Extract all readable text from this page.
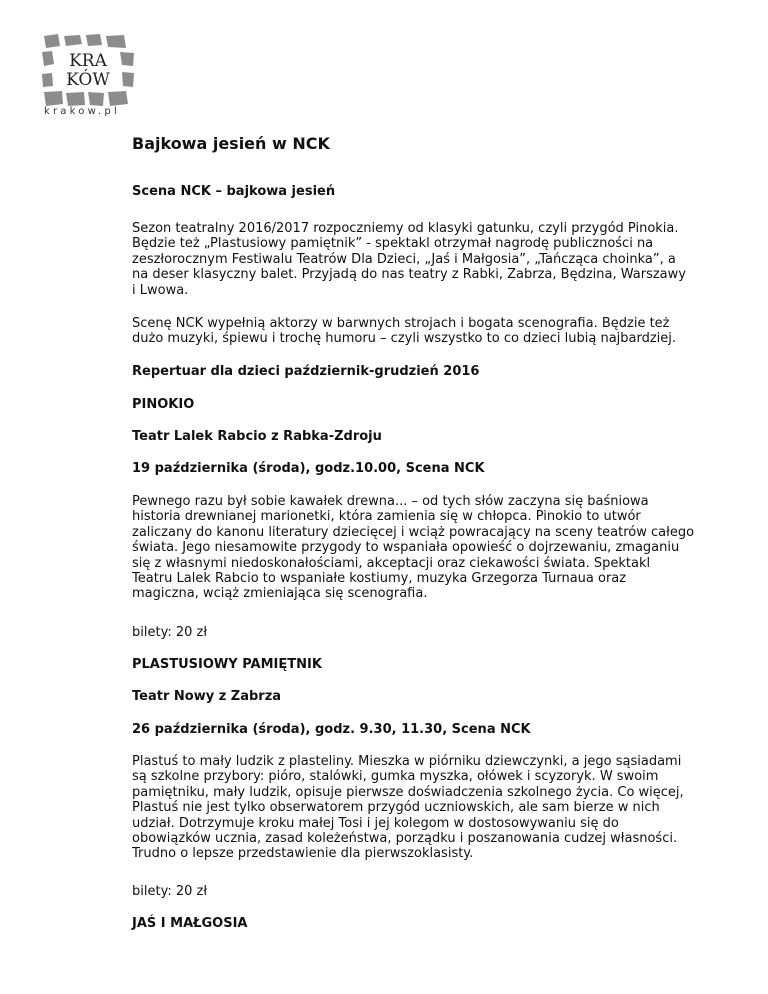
KRA
KÓW
krakow.pl
Bajkowa jesień w NCK

Scena NCK – bajkowa jesień

Sezon teatralny 2016/2017 rozpoczniemy od klasyki gatunku, czyli przygód Pinokia.
Będzie też „Plastusiowy pamiętnik” - spektakl otrzymał nagrodę publiczności na
zeszłorocznym Festiwalu Teatrów Dla Dzieci, „Jaś i Małgosia”, „Tańcząca choinka”, a
na deser klasyczny balet. Przyjadą do nas teatry z Rabki, Zabrza, Będzina, Warszawy
i Lwowa.
Scenę NCK wypełnią aktorzy w barwnych strojach i bogata scenografia. Będzie też
dużo muzyki, śpiewu i trochę humoru – czyli wszystko to co dzieci lubią najbardziej.

Repertuar dla dzieci październik-grudzień 2016

PINOKIO

Teatr Lalek Rabcio z Rabka-Zdroju

19 października (środa), godz.10.00, Scena NCK

Pewnego razu był sobie kawałek drewna... – od tych słów zaczyna się baśniowa
historia drewnianej marionetki, która zamienia się w chłopca. Pinokio to utwór
zaliczany do kanonu literatury dziecięcej i wciąż powracający na sceny teatrów całego
świata. Jego niesamowite przygody to wspaniała opowieść o dojrzewaniu, zmaganiu
się z własnymi niedoskonałościami, akceptacji oraz ciekawości świata. Spektakl
Teatru Lalek Rabcio to wspaniałe kostiumy, muzyka Grzegorza Turnaua oraz
magiczna, wciąż zmieniająca się scenografia.

bilety: 20 zł

PLASTUSIOWY PAMIĘTNIK

Teatr Nowy z Zabrza

26 października (środa), godz. 9.30, 11.30, Scena NCK

Plastuś to mały ludzik z plasteliny. Mieszka w piórniku dziewczynki, a jego sąsiadami
są szkolne przybory: pióro, stalówki, gumka myszka, ołówek i scyzoryk. W swoim
pamiętniku, mały ludzik, opisuje pierwsze doświadczenia szkolnego życia. Co więcej,
Plastuś nie jest tylko obserwatorem przygód uczniowskich, ale sam bierze w nich
udział. Dotrzymuje kroku małej Tosi i jej kolegom w dostosowywaniu się do
obowiązków ucznia, zasad koleżeństwa, porządku i poszanowania cudzej własności.
Trudno o lepsze przedstawienie dla pierwszoklasisty.

bilety: 20 zł

JAŚ I MAŁGOSIA
